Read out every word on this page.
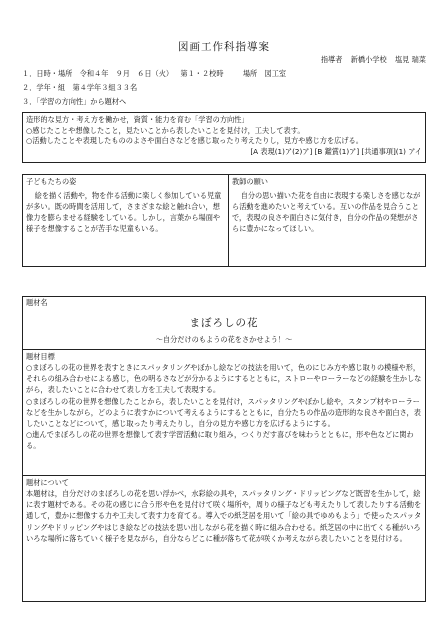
図画工作科指導案
指導者 新橋小学校 塩見 瑞菜
１．日時・場所 令和４年　９月　６日（火） 第１・２校時	場所 図工室
２．学年・組 第４学年３組３３名
３．「学習の方向性」から題材へ

造形的な見方・考え方を働かせ，資質・能力を育む「学習の方向性」

○感じたことや想像したこと，見たいことから表したいことを見付け，工夫して表す。

○活動したことや表現したもののよさや面白さなどを感じ取ったり考えたりし，見方や感じ方を広げる。

[A 表現(1)ア(2)ア] [B 鑑賞(1)ア] [共通事項](1) アイ

子どもたちの姿

絵を描く活動や，物を作る活動に楽しく参加している児童が多い。既の時間を活用して，さまざまな絵と触れ合い，想像力を膨らませる経験をしている。しかし，言葉から場面や様子を想像することが苦手な児童もいる。

教師の願い

自分の思い描いた花を自由に表現する楽しさを感じながら活動を進めたいと考えている。互いの作品を見合うことで，表現の良さや面白さに気付き，自分の作品の発想がさらに豊かになってほしい。

題材名

まぼろしの花
～自分だけのもようの花をさかせよう！～

題材目標

○まぼろしの花の世界を表すときにスパッタリングやぼかし絵などの技法を用いて，色のにじみ方や感じ取りの模様や形，それらの組み合わせによる感じ，色の明るさなどが分かるようにするとともに，ストローやローラーなどの経験を生かしながら，表したいことに合わせて表し方を工夫して表現する。

○まぼろしの花の世界を想像したことから，表したいことを見付け，スパッタリングやぼかし絵や，スタンプ材やローラーなどを生かしながら，どのように表すかについて考えるようにするとともに，自分たちの作品の造形的な良さや面白さ，表したいことなどについて，感じ取ったり考えたりし，自分の見方や感じ方を広げるようにする。

○進んでまぼろしの花の世界を想像して表す学習活動に取り組み，つくりだす喜びを味わうとともに，形や色などに関わる。

題材について

本題材は，自分だけのまぼろしの花を思い浮かべ，水彩絵の具や，スパッタリング・ドリッピングなど既習を生かして，絵に表す題材である。その花の感じに合う形や色を見付けて咲く場所や，周りの様子なども考えたりして表したりする活動を通して，豊かに想像する力や工夫して表す力を育てる。導入での紙芝居を用いて「絵の具でゆめもよう」で使ったスパッタリングやドリッピングやはじき絵などの技法を思い出しながら花を描く時に組み合わせる。紙芝居の中に出てくる種がいろいろな場所に落ちていく様子を見ながら，自分ならどこに種が落ちて花が咲くか考えながら表したいことを見付ける。
